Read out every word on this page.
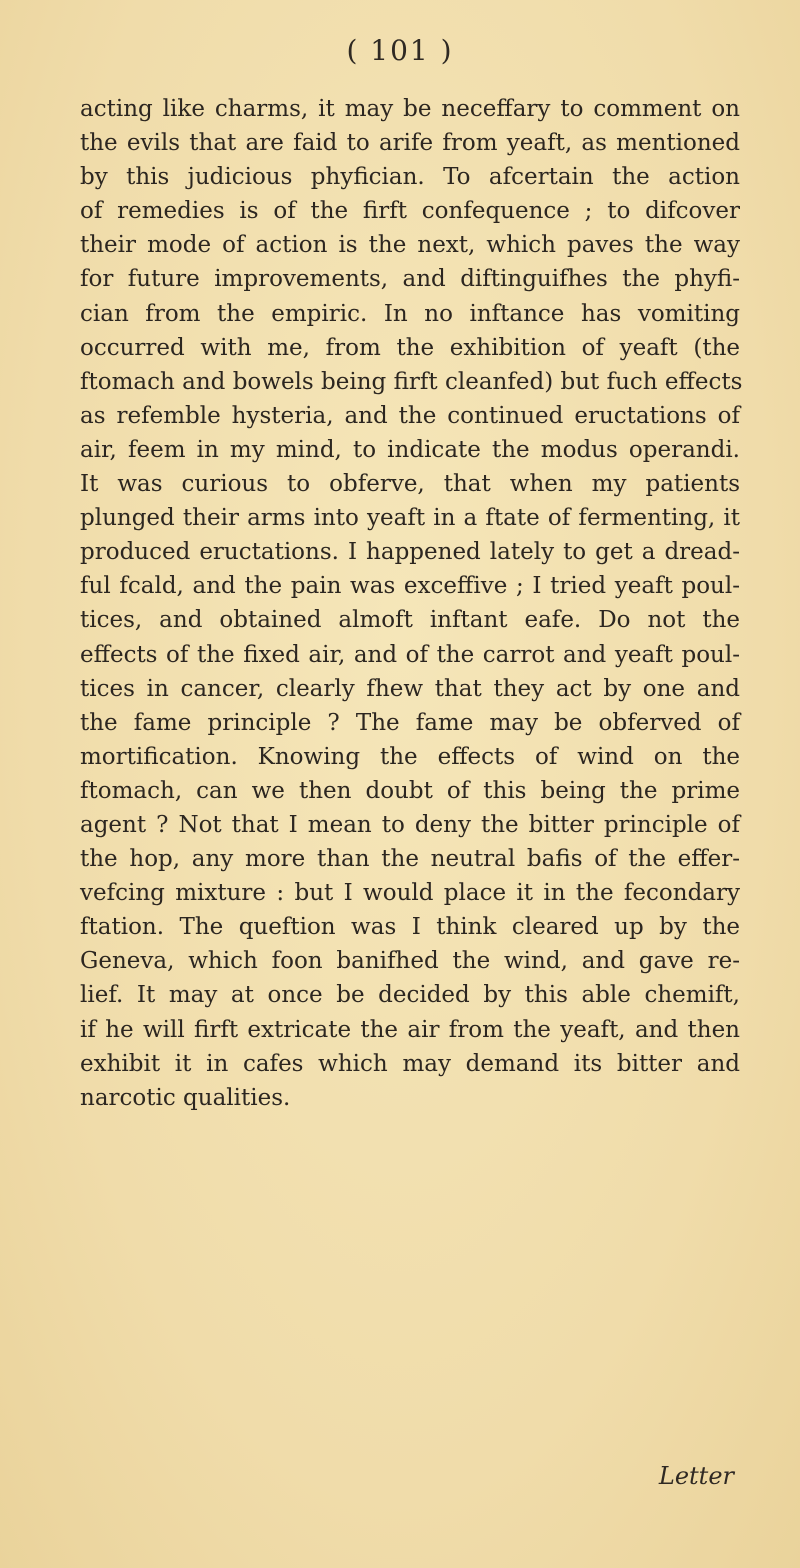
( 101 )
acting like charms, it may be neceffary to comment on
the evils that are faid to arife from yeaft, as mentioned
by this judicious phyfician. To afcertain the action
of remedies is of the firft confequence ; to difcover
their mode of action is the next, which paves the way
for future improvements, and diftinguifhes the phyfi-
cian from the empiric. In no inftance has vomiting
occurred with me, from the exhibition of yeaft (the
ftomach and bowels being firft cleanfed) but fuch effects
as refemble hysteria, and the continued eructations of
air, feem in my mind, to indicate the modus operandi.
It was curious to obferve, that when my patients
plunged their arms into yeaft in a ftate of fermenting, it
produced eructations. I happened lately to get a dread-
ful fcald, and the pain was exceffive ; I tried yeaft poul-
tices, and obtained almoft inftant eafe. Do not the
effects of the fixed air, and of the carrot and yeaft poul-
tices in cancer, clearly fhew that they act by one and
the fame principle ? The fame may be obferved of
mortification. Knowing the effects of wind on the
ftomach, can we then doubt of this being the prime
agent ? Not that I mean to deny the bitter principle of
the hop, any more than the neutral bafis of the effer-
vefcing mixture : but I would place it in the fecondary
ftation. The queftion was I think cleared up by the
Geneva, which foon banifhed the wind, and gave re-
lief. It may at once be decided by this able chemift,
if he will firft extricate the air from the yeaft, and then
exhibit it in cafes which may demand its bitter and
narcotic qualities.
Letter
